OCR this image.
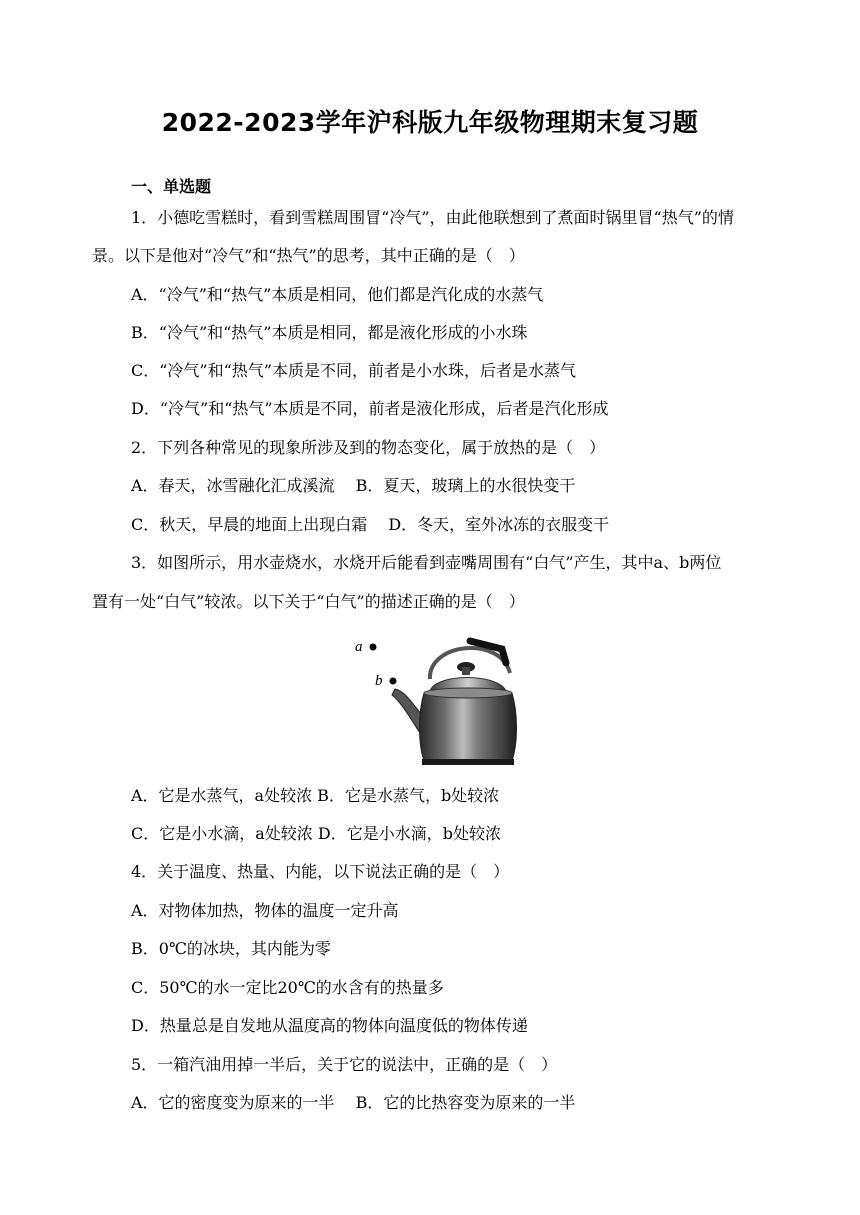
2022-2023学年沪科版九年级物理期末复习题
一、单选题
1．小德吃雪糕时，看到雪糕周围冒“冷气”，由此他联想到了煮面时锅里冒“热气”的情
景。以下是他对“冷气”和“热气”的思考，其中正确的是（　）
A．“冷气”和“热气”本质是相同，他们都是汽化成的水蒸气
B．“冷气”和“热气”本质是相同，都是液化形成的小水珠
C．“冷气”和“热气”本质是不同，前者是小水珠，后者是水蒸气
D．“冷气”和“热气”本质是不同，前者是液化形成，后者是汽化形成
2．下列各种常见的现象所涉及到的物态变化，属于放热的是（　）
A．春天，冰雪融化汇成溪流　 B．夏天，玻璃上的水很快变干
C．秋天，早晨的地面上出现白霜　 D．冬天，室外冰冻的衣服变干
3．如图所示，用水壶烧水，水烧开后能看到壶嘴周围有“白气”产生，其中a、b两位
置有一处“白气”较浓。以下关于“白气”的描述正确的是（　）
a
b
A．它是水蒸气，a处较浓 B．它是水蒸气，b处较浓
C．它是小水滴，a处较浓 D．它是小水滴，b处较浓
4．关于温度、热量、内能，以下说法正确的是（　）
A．对物体加热，物体的温度一定升高
B．0℃的冰块，其内能为零
C．50℃的水一定比20℃的水含有的热量多
D．热量总是自发地从温度高的物体向温度低的物体传递
5．一箱汽油用掉一半后，关于它的说法中，正确的是（　）
A．它的密度变为原来的一半　 B．它的比热容变为原来的一半
